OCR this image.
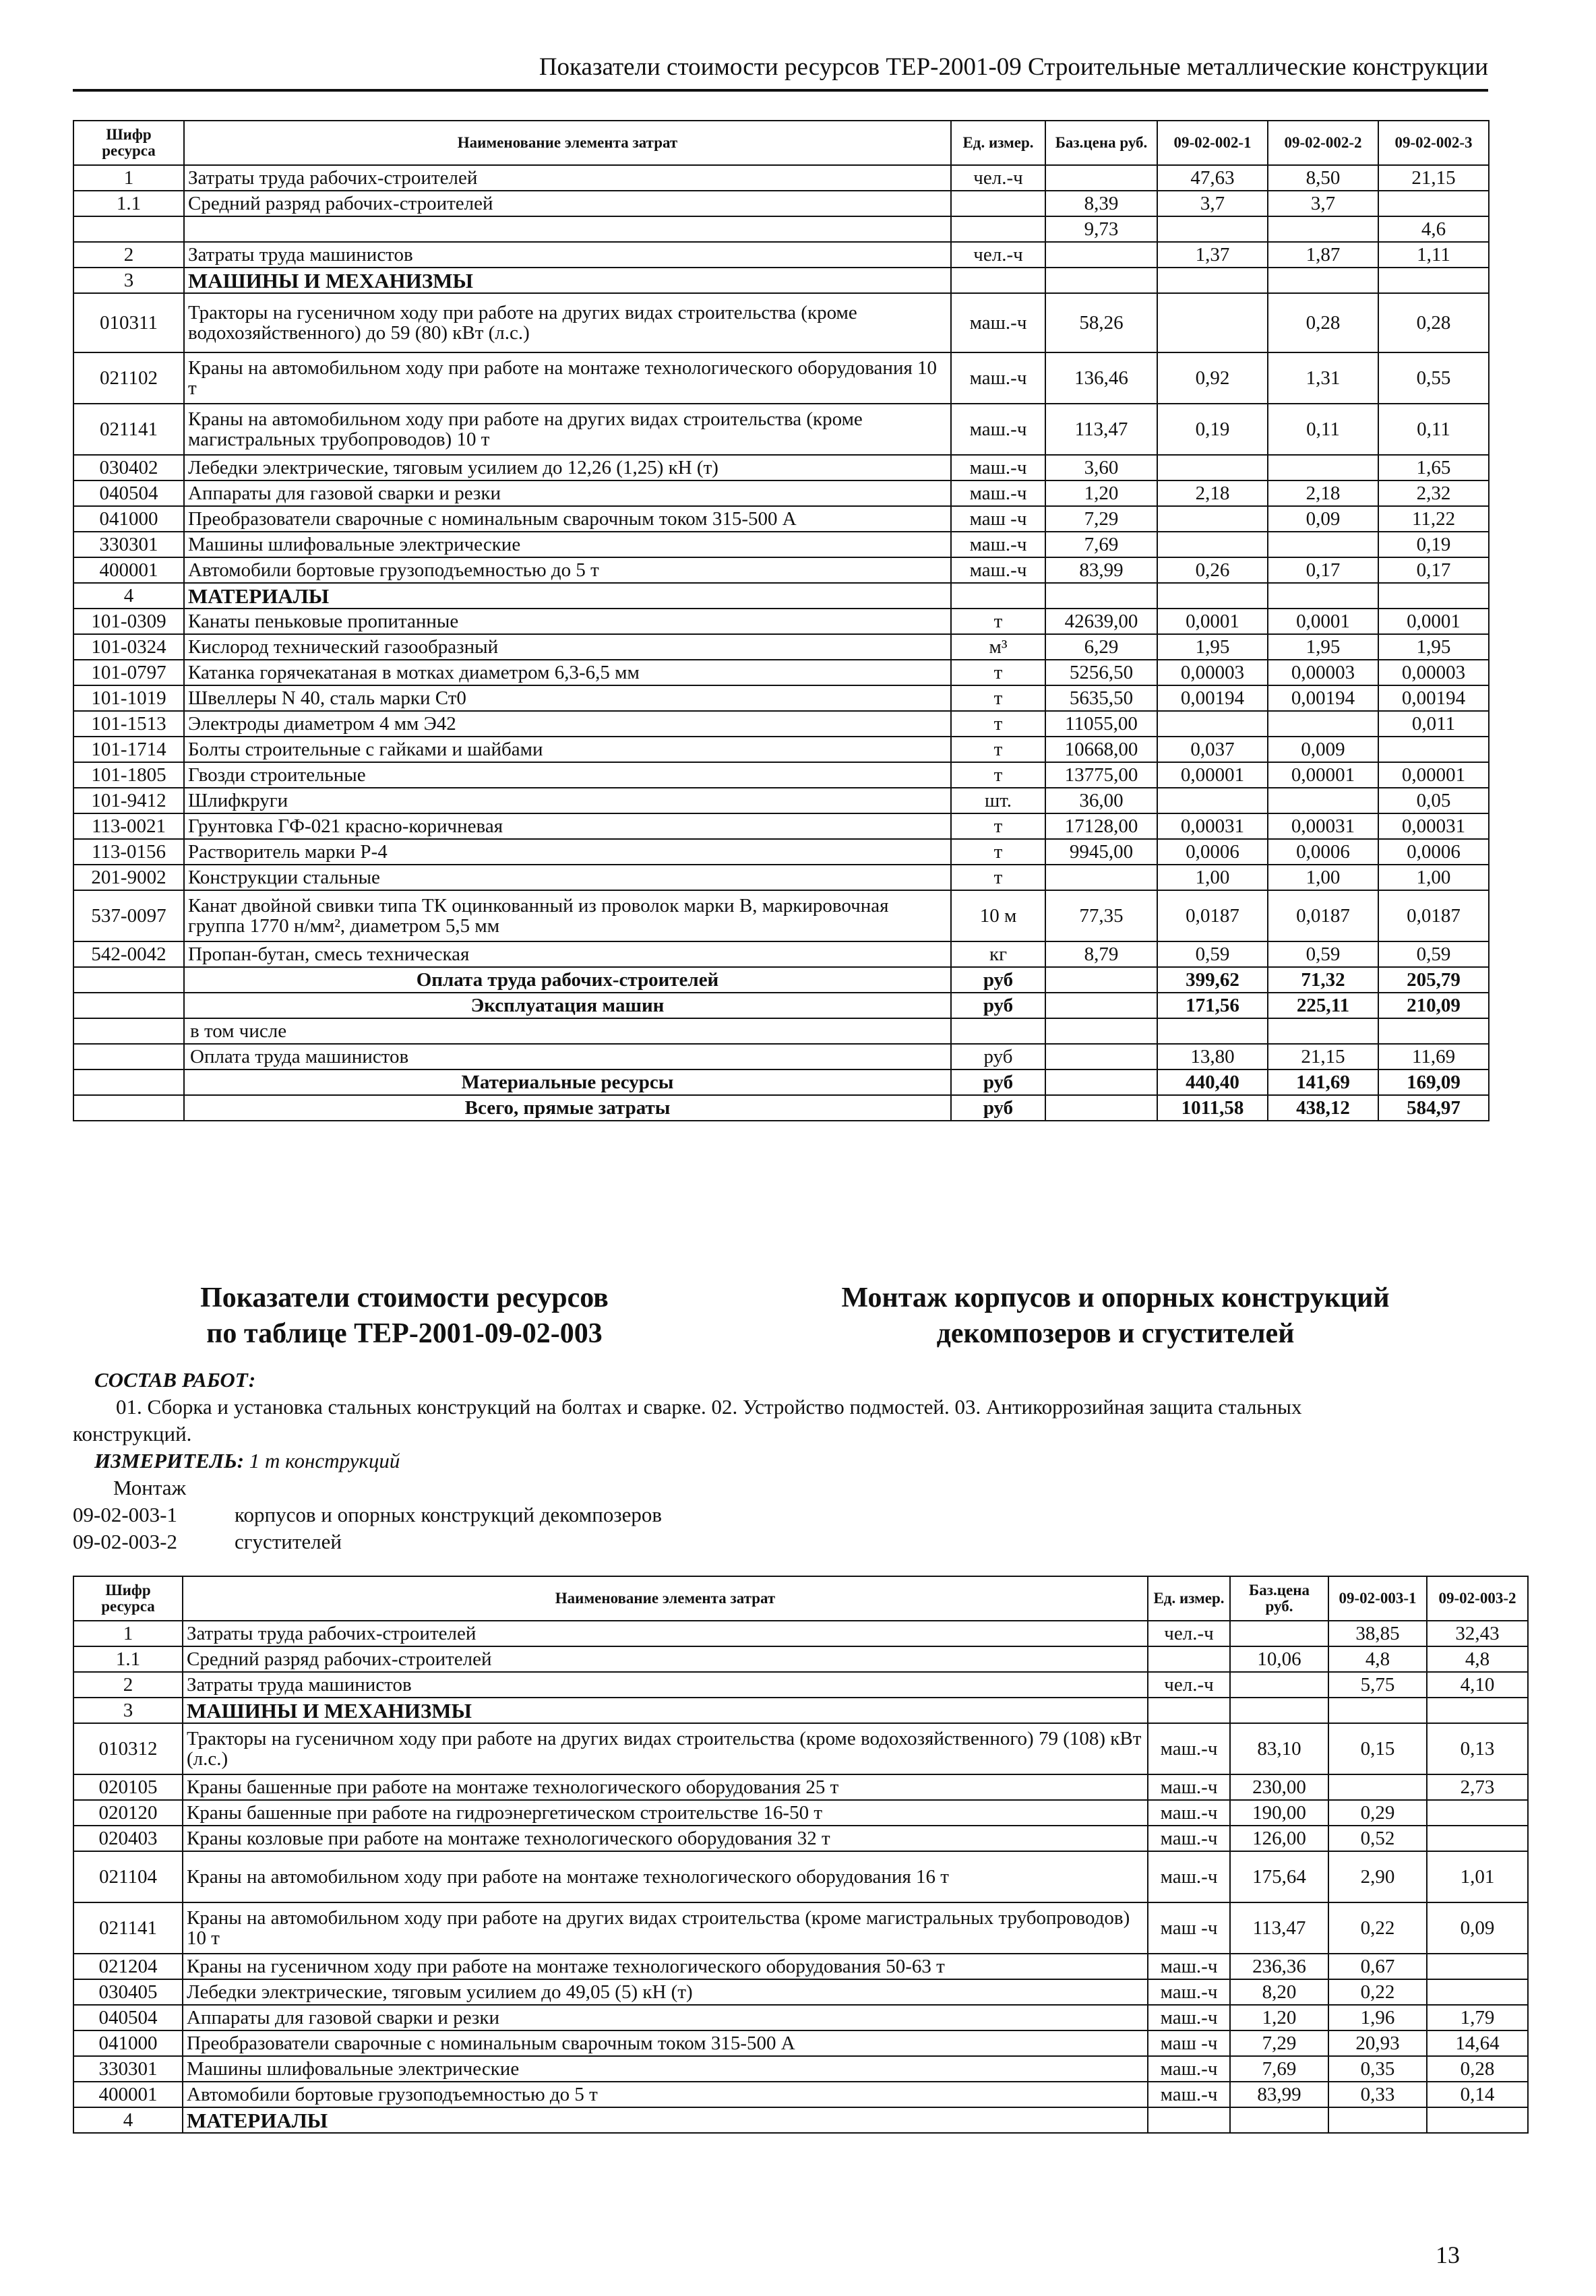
Показатели стоимости ресурсов ТЕР-2001-09 Строительные металлические конструкции
Шифр ресурса	Наименование элемента затрат	Ед. измер.	Баз.цена руб.	09-02-002-1	09-02-002-2	09-02-002-3
1	Затраты труда рабочих-строителей	чел.-ч		47,63	8,50	21,15
1.1	Средний разряд рабочих-строителей		8,39	3,7	3,7	
			9,73			4,6
2	Затраты труда машинистов	чел.-ч		1,37	1,87	1,11
3	МАШИНЫ И МЕХАНИЗМЫ					
010311	Тракторы на гусеничном ходу при работе на других видах строительства (кроме водохозяйственного) до 59 (80) кВт (л.с.)	маш.-ч	58,26		0,28	0,28
021102	Краны на автомобильном ходу при работе на монтаже технологического оборудования 10 т	маш.-ч	136,46	0,92	1,31	0,55
021141	Краны на автомобильном ходу при работе на других видах строительства (кроме магистральных трубопроводов) 10 т	маш.-ч	113,47	0,19	0,11	0,11
030402	Лебедки электрические, тяговым усилием до 12,26 (1,25) кН (т)	маш.-ч	3,60			1,65
040504	Аппараты для газовой сварки и резки	маш.-ч	1,20	2,18	2,18	2,32
041000	Преобразователи сварочные с номинальным сварочным током 315-500 А	маш -ч	7,29		0,09	11,22
330301	Машины шлифовальные электрические	маш.-ч	7,69			0,19
400001	Автомобили бортовые грузоподъемностью до 5 т	маш.-ч	83,99	0,26	0,17	0,17
4	МАТЕРИАЛЫ					
101-0309	Канаты пеньковые пропитанные	т	42639,00	0,0001	0,0001	0,0001
101-0324	Кислород технический газообразный	м³	6,29	1,95	1,95	1,95
101-0797	Катанка горячекатаная в мотках диаметром 6,3-6,5 мм	т	5256,50	0,00003	0,00003	0,00003
101-1019	Швеллеры N 40, сталь марки Ст0	т	5635,50	0,00194	0,00194	0,00194
101-1513	Электроды диаметром 4 мм Э42	т	11055,00			0,011
101-1714	Болты строительные с гайками и шайбами	т	10668,00	0,037	0,009	
101-1805	Гвозди строительные	т	13775,00	0,00001	0,00001	0,00001
101-9412	Шлифкруги	шт.	36,00			0,05
113-0021	Грунтовка ГФ-021 красно-коричневая	т	17128,00	0,00031	0,00031	0,00031
113-0156	Растворитель марки Р-4	т	9945,00	0,0006	0,0006	0,0006
201-9002	Конструкции стальные	т		1,00	1,00	1,00
537-0097	Канат двойной свивки типа ТК оцинкованный из проволок марки В, маркировочная группа 1770 н/мм², диаметром 5,5 мм	10 м	77,35	0,0187	0,0187	0,0187
542-0042	Пропан-бутан, смесь техническая	кг	8,79	0,59	0,59	0,59
	Оплата труда рабочих-строителей	руб		399,62	71,32	205,79
	Эксплуатация машин	руб		171,56	225,11	210,09
	в том числе					
	Оплата труда машинистов	руб		13,80	21,15	11,69
	Материальные ресурсы	руб		440,40	141,69	169,09
	Всего, прямые затраты	руб		1011,58	438,12	584,97
Показатели стоимости ресурсов
по таблице ТЕР-2001-09-02-003
Монтаж корпусов и опорных конструкций
декомпозеров и сгустителей
СОСТАВ РАБОТ:
01. Сборка и установка стальных конструкций на болтах и сварке. 02. Устройство подмостей. 03. Антикоррозийная защита стальных
конструкций.
ИЗМЕРИТЕЛЬ: 1 т конструкций
Монтаж
09-02-003-1	корпусов и опорных конструкций декомпозеров
09-02-003-2	сгустителей
Шифр ресурса	Наименование элемента затрат	Ед. измер.	Баз.цена руб.	09-02-003-1	09-02-003-2
1	Затраты труда рабочих-строителей	чел.-ч		38,85	32,43
1.1	Средний разряд рабочих-строителей		10,06	4,8	4,8
2	Затраты труда машинистов	чел.-ч		5,75	4,10
3	МАШИНЫ И МЕХАНИЗМЫ				
010312	Тракторы на гусеничном ходу при работе на других видах строительства (кроме водохозяйственного) 79 (108) кВт (л.с.)	маш.-ч	83,10	0,15	0,13
020105	Краны башенные при работе на монтаже технологического оборудования 25 т	маш.-ч	230,00		2,73
020120	Краны башенные при работе на гидроэнергетическом строительстве 16-50 т	маш.-ч	190,00	0,29	
020403	Краны козловые при работе на монтаже технологического оборудования 32 т	маш.-ч	126,00	0,52	
021104	Краны на автомобильном ходу при работе на монтаже технологического оборудования 16 т	маш.-ч	175,64	2,90	1,01
021141	Краны на автомобильном ходу при работе на других видах строительства (кроме магистральных трубопроводов) 10 т	маш -ч	113,47	0,22	0,09
021204	Краны на гусеничном ходу при работе на монтаже технологического оборудования 50-63 т	маш.-ч	236,36	0,67	
030405	Лебедки электрические, тяговым усилием до 49,05 (5) кН (т)	маш.-ч	8,20	0,22	
040504	Аппараты для газовой сварки и резки	маш.-ч	1,20	1,96	1,79
041000	Преобразователи сварочные с номинальным сварочным током 315-500 А	маш -ч	7,29	20,93	14,64
330301	Машины шлифовальные электрические	маш.-ч	7,69	0,35	0,28
400001	Автомобили бортовые грузоподъемностью до 5 т	маш.-ч	83,99	0,33	0,14
4	МАТЕРИАЛЫ				
13
